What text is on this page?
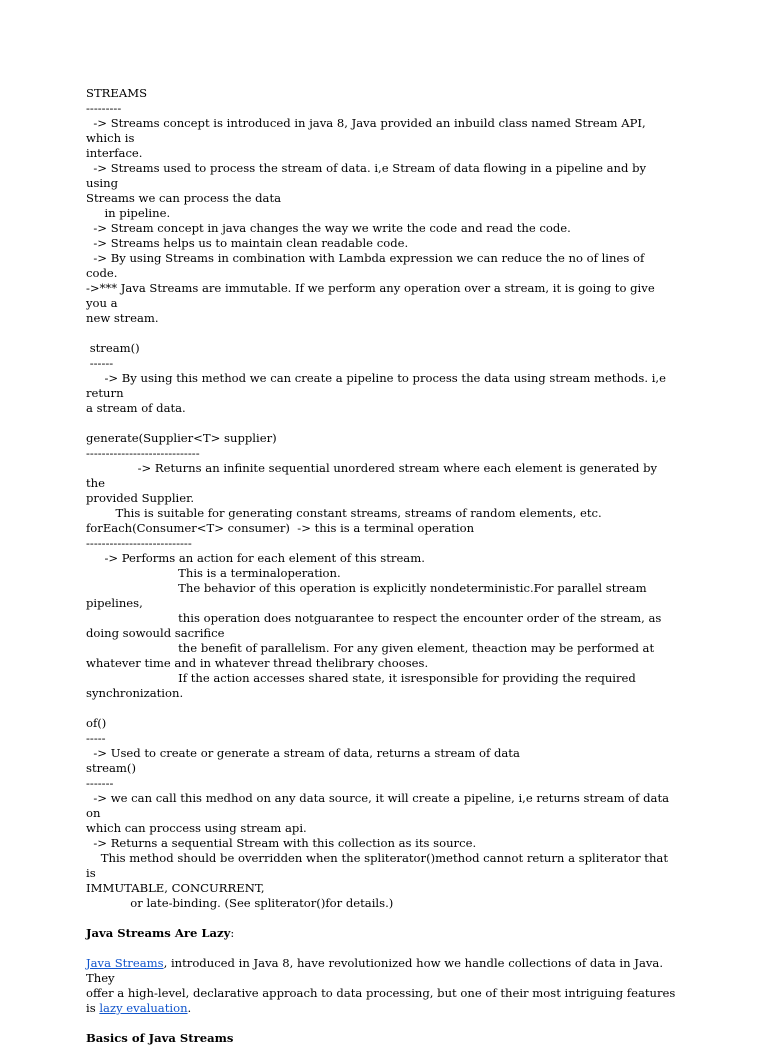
STREAMS
---------
-> Streams concept is introduced in java 8, Java provided an inbuild class named Stream API, which is
interface.
-> Streams used to process the stream of data. i,e Stream of data flowing in a pipeline and by using
Streams we can process the data
in pipeline.
-> Stream concept in java changes the way we write the code and read the code.
-> Streams helps us to maintain clean readable code.
-> By using Streams in combination with Lambda expression we can reduce the no of lines of code.
->*** Java Streams are immutable. If we perform any operation over a stream, it is going to give you a
new stream.
stream()
------
-> By using this method we can create a pipeline to process the data using stream methods. i,e return
a stream of data.
generate(Supplier<T> supplier)
-----------------------------
-> Returns an infinite sequential unordered stream where each element is generated by the
provided Supplier.
This is suitable for generating constant streams, streams of random elements, etc.
forEach(Consumer<T> consumer)  -> this is a terminal operation
---------------------------
-> Performs an action for each element of this stream.
This is a terminaloperation.
The behavior of this operation is explicitly nondeterministic.For parallel stream
pipelines,
this operation does notguarantee to respect the encounter order of the stream, as
doing sowould sacrifice
the benefit of parallelism. For any given element, theaction may be performed at
whatever time and in whatever thread thelibrary chooses.
If the action accesses shared state, it isresponsible for providing the required
synchronization.
of()
-----
-> Used to create or generate a stream of data, returns a stream of data
stream()
-------
-> we can call this medhod on any data source, it will create a pipeline, i,e returns stream of data on
which can proccess using stream api.
-> Returns a sequential Stream with this collection as its source.
This method should be overridden when the spliterator()method cannot return a spliterator that is
IMMUTABLE, CONCURRENT,
or late-binding. (See spliterator()for details.)
Java Streams Are Lazy:
Java Streams, introduced in Java 8, have revolutionized how we handle collections of data in Java. They
offer a high-level, declarative approach to data processing, but one of their most intriguing features
is lazy evaluation.
Basics of Java Streams
